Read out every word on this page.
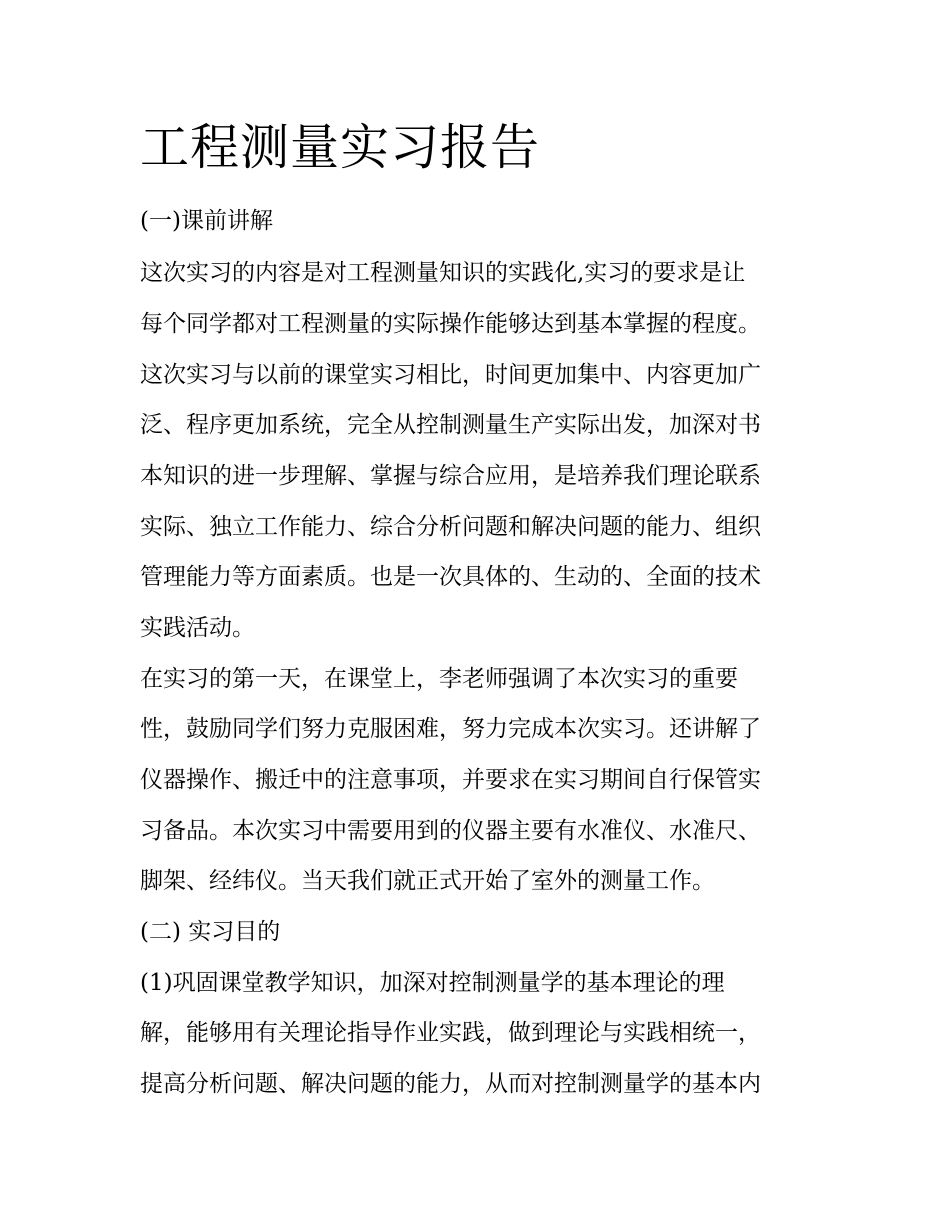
工程测量实习报告
(一)课前讲解
这次实习的内容是对工程测量知识的实践化,实习的要求是让
每个同学都对工程测量的实际操作能够达到基本掌握的程度。
这次实习与以前的课堂实习相比，时间更加集中、内容更加广
泛、程序更加系统，完全从控制测量生产实际出发，加深对书
本知识的进一步理解、掌握与综合应用，是培养我们理论联系
实际、独立工作能力、综合分析问题和解决问题的能力、组织
管理能力等方面素质。也是一次具体的、生动的、全面的技术
实践活动。
在实习的第一天，在课堂上，李老师强调了本次实习的重要
性，鼓励同学们努力克服困难，努力完成本次实习。还讲解了
仪器操作、搬迁中的注意事项，并要求在实习期间自行保管实
习备品。本次实习中需要用到的仪器主要有水准仪、水准尺、
脚架、经纬仪。当天我们就正式开始了室外的测量工作。
(二) 实习目的
(1)巩固课堂教学知识，加深对控制测量学的基本理论的理
解，能够用有关理论指导作业实践，做到理论与实践相统一，
提高分析问题、解决问题的能力，从而对控制测量学的基本内
